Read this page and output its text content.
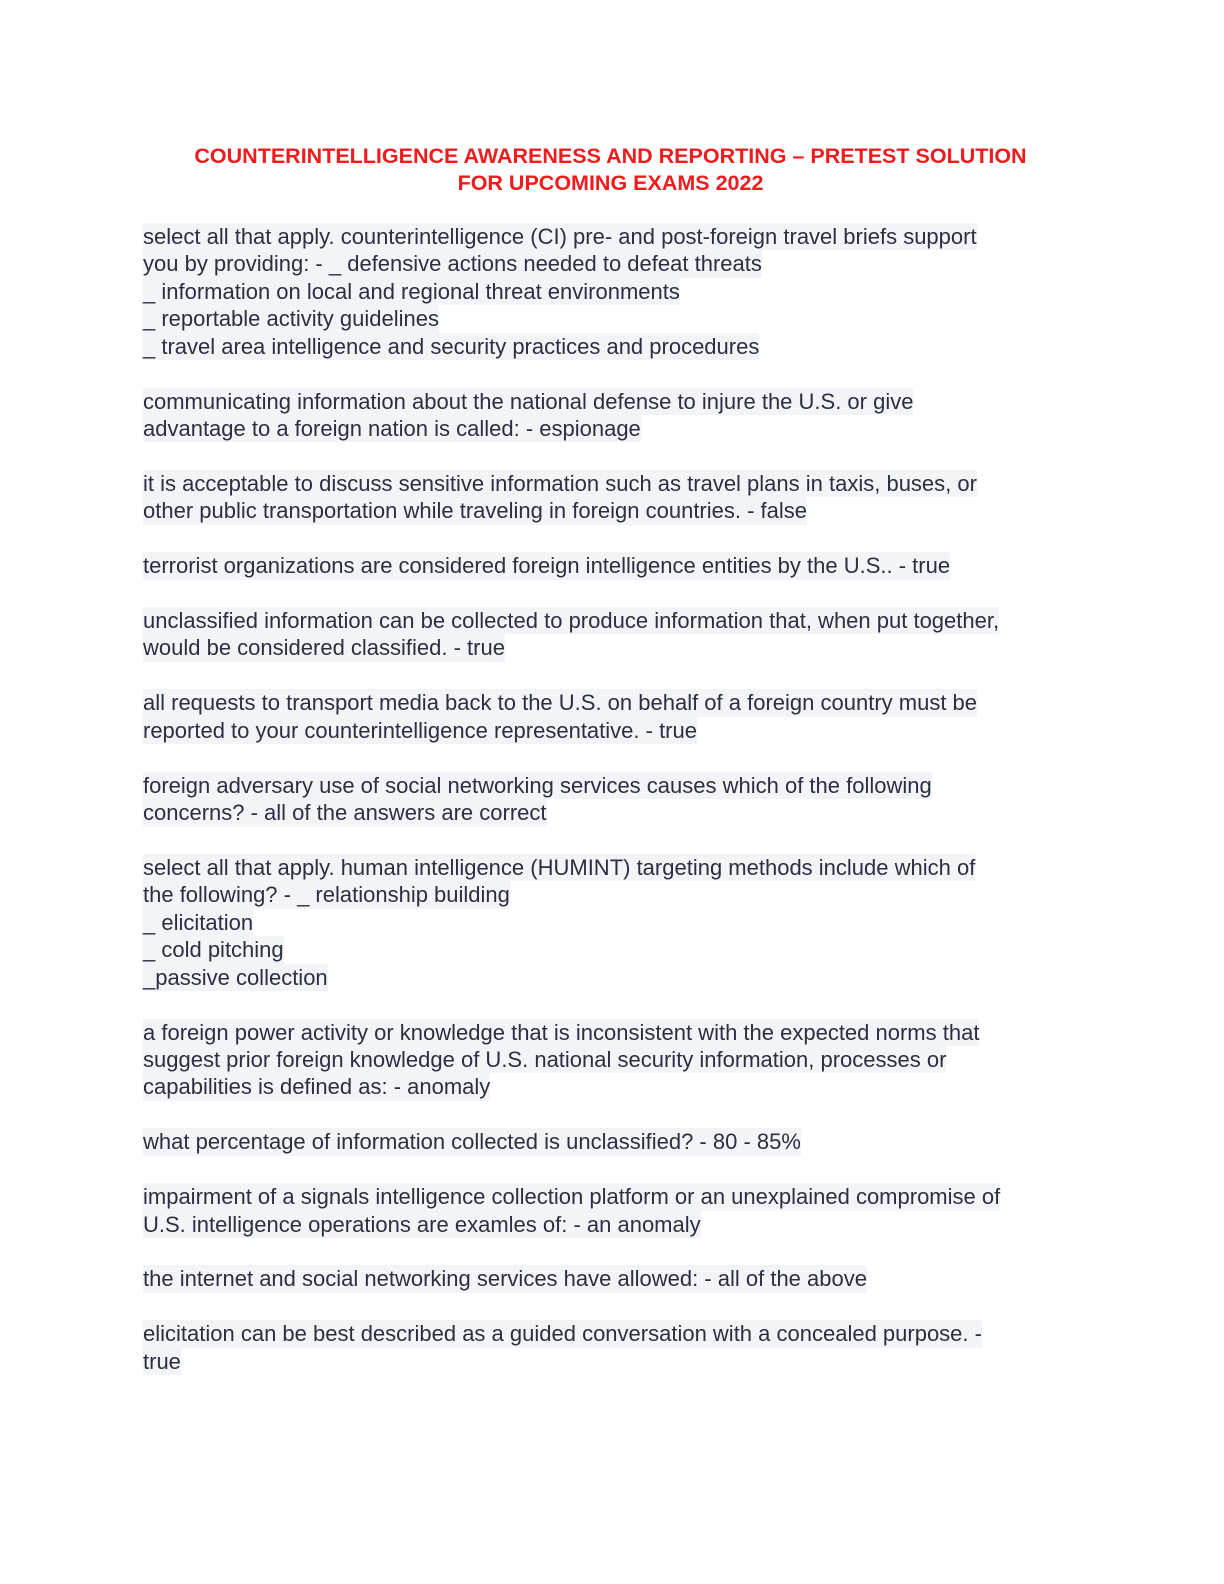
COUNTERINTELLIGENCE AWARENESS AND REPORTING – PRETEST SOLUTION
FOR UPCOMING EXAMS 2022
select all that apply. counterintelligence (CI) pre- and post-foreign travel briefs support
you by providing: - _ defensive actions needed to defeat threats
_ information on local and regional threat environments
_ reportable activity guidelines
_ travel area intelligence and security practices and procedures
communicating information about the national defense to injure the U.S. or give
advantage to a foreign nation is called: - espionage
it is acceptable to discuss sensitive information such as travel plans in taxis, buses, or
other public transportation while traveling in foreign countries. - false
terrorist organizations are considered foreign intelligence entities by the U.S.. - true
unclassified information can be collected to produce information that, when put together,
would be considered classified. - true
all requests to transport media back to the U.S. on behalf of a foreign country must be
reported to your counterintelligence representative. - true
foreign adversary use of social networking services causes which of the following
concerns? - all of the answers are correct
select all that apply. human intelligence (HUMINT) targeting methods include which of
the following? - _ relationship building
_ elicitation
_ cold pitching
_passive collection
a foreign power activity or knowledge that is inconsistent with the expected norms that
suggest prior foreign knowledge of U.S. national security information, processes or
capabilities is defined as: - anomaly
what percentage of information collected is unclassified? - 80 - 85%
impairment of a signals intelligence collection platform or an unexplained compromise of
U.S. intelligence operations are examles of: - an anomaly
the internet and social networking services have allowed: - all of the above
elicitation can be best described as a guided conversation with a concealed purpose. -
true
